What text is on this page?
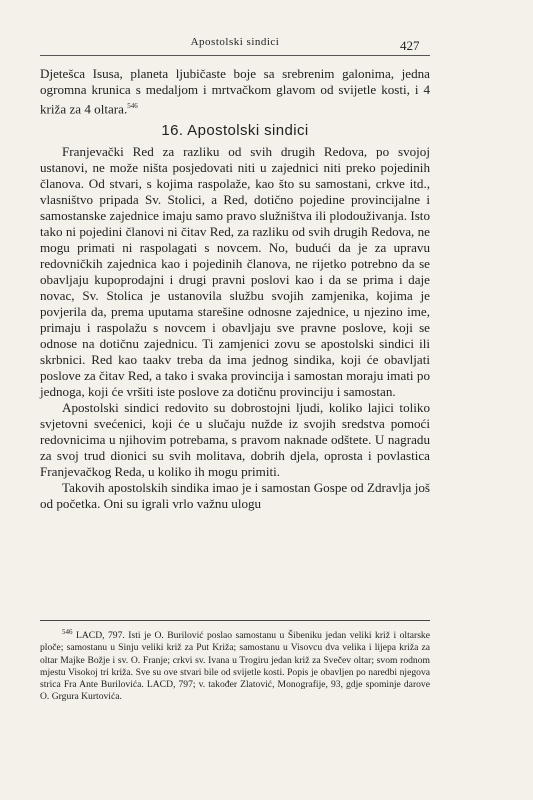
Apostolski sindici	427

Djetešca Isusa, planeta ljubičaste boje sa srebrenim galonima, jedna ogromna krunica s medaljom i mrtvačkom glavom od svijetle kosti, i 4 križa za 4 oltara.$^{546}$

16. Apostolski sindici

Franjevački Red za razliku od svih drugih Redova, po svojoj ustanovi, ne može ništa posjedovati niti u zajednici niti preko pojedinih članova. Od stvari, s kojima raspolaže, kao što su samostani, crkve itd., vlasništvo pripada Sv. Stolici, a Red, dotično pojedine provincijalne i samostanske zajednice imaju samo pravo služništva ili plodouživanja. Isto tako ni pojedini članovi ni čitav Red, za razliku od svih drugih Redova, ne mogu primati ni raspolagati s novcem. No, budući da je za upravu redovničkih zajednica kao i pojedinih članova, ne rijetko potrebno da se obavljaju kupoprodajni i drugi pravni poslovi kao i da se prima i daje novac, Sv. Stolica je ustanovila službu svojih zamjenika, kojima je povjerila da, prema uputama starešine odnosne zajednice, u njezino ime, primaju i raspolažu s novcem i obavljaju sve pravne poslove, koji se odnose na dotičnu zajednicu. Ti zamjenici zovu se apostolski sindici ili skrbnici. Red kao taakv treba da ima jednog sindika, koji će obavljati poslove za čitav Red, a tako i svaka provincija i samostan moraju imati po jednoga, koji će vršiti iste poslove za dotičnu provinciju i samostan.

Apostolski sindici redovito su dobrostojni ljudi, koliko lajici toliko svjetovni svećenici, koji će u slučaju nužde iz svojih sredstva pomoći redovnicima u njihovim potrebama, s pravom naknade odštete. U nagradu za svoj trud dionici su svih molitava, dobrih djela, oprosta i povlastica Franjevačkog Reda, u koliko ih mogu primiti.

Takovih apostolskih sindika imao je i samostan Gospe od Zdravlja još od početka. Oni su igrali vrlo važnu ulogu

$^{546}$ LACD, 797. Isti je O. Burilović poslao samostanu u Šibeniku jedan veliki križ i oltarske ploče; samostanu u Sinju veliki križ za Put Križa; samostanu u Visovcu dva velika i lijepa križa za oltar Majke Božje i sv. O. Franje; crkvi sv. Ivana u Trogiru jedan križ za Svečev oltar; svom rodnom mjestu Visokoj tri križa. Sve su ove stvari bile od svijetle kosti. Popis je obavljen po naredbi njegova strica Fra Ante Burilovića. LACD, 797; v. također Zlatović, Monografije, 93, gdje spominje darove O. Grgura Kurtovića.
